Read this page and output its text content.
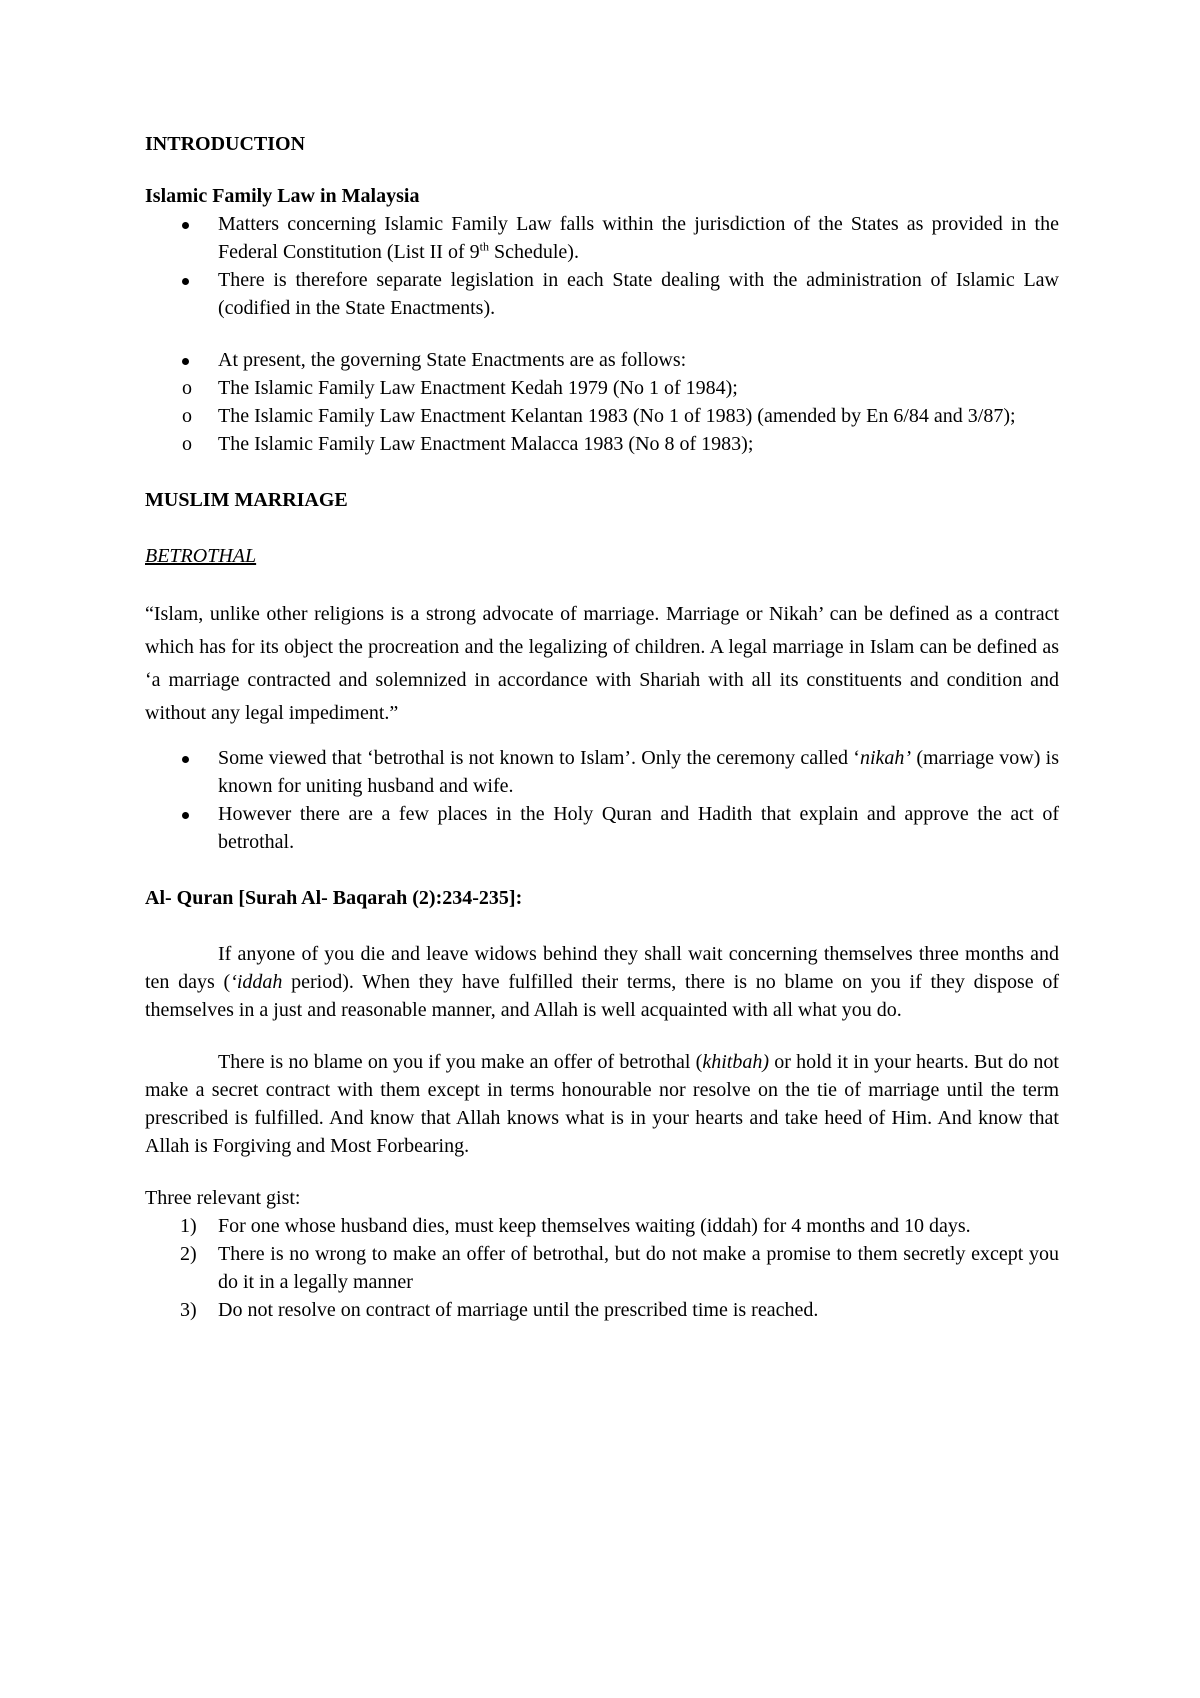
INTRODUCTION

Islamic Family Law in Malaysia

Matters concerning Islamic Family Law falls within the jurisdiction of the States as provided in the Federal Constitution (List II of 9th Schedule).
There is therefore separate legislation in each State dealing with the administration of Islamic Law (codified in the State Enactments).
At present, the governing State Enactments are as follows:
o The Islamic Family Law Enactment Kedah 1979 (No 1 of 1984);
o The Islamic Family Law Enactment Kelantan 1983 (No 1 of 1983) (amended by En 6/84 and 3/87);
o The Islamic Family Law Enactment Malacca 1983 (No 8 of 1983);

MUSLIM MARRIAGE

BETROTHAL

“Islam, unlike other religions is a strong advocate of marriage. Marriage or Nikah’ can be defined as a contract which has for its object the procreation and the legalizing of children. A legal marriage in Islam can be defined as ‘a marriage contracted and solemnized in accordance with Shariah with all its constituents and condition and without any legal impediment.”

Some viewed that ‘betrothal is not known to Islam’. Only the ceremony called ‘nikah’ (marriage vow) is known for uniting husband and wife.
However there are a few places in the Holy Quran and Hadith that explain and approve the act of betrothal.

Al- Quran [Surah Al- Baqarah (2):234-235]:

If anyone of you die and leave widows behind they shall wait concerning themselves three months and ten days (‘iddah period). When they have fulfilled their terms, there is no blame on you if they dispose of themselves in a just and reasonable manner, and Allah is well acquainted with all what you do.

There is no blame on you if you make an offer of betrothal (khitbah) or hold it in your hearts. But do not make a secret contract with them except in terms honourable nor resolve on the tie of marriage until the term prescribed is fulfilled. And know that Allah knows what is in your hearts and take heed of Him. And know that Allah is Forgiving and Most Forbearing.

Three relevant gist:

1) For one whose husband dies, must keep themselves waiting (iddah) for 4 months and 10 days.
2) There is no wrong to make an offer of betrothal, but do not make a promise to them secretly except you do it in a legally manner
3) Do not resolve on contract of marriage until the prescribed time is reached.
